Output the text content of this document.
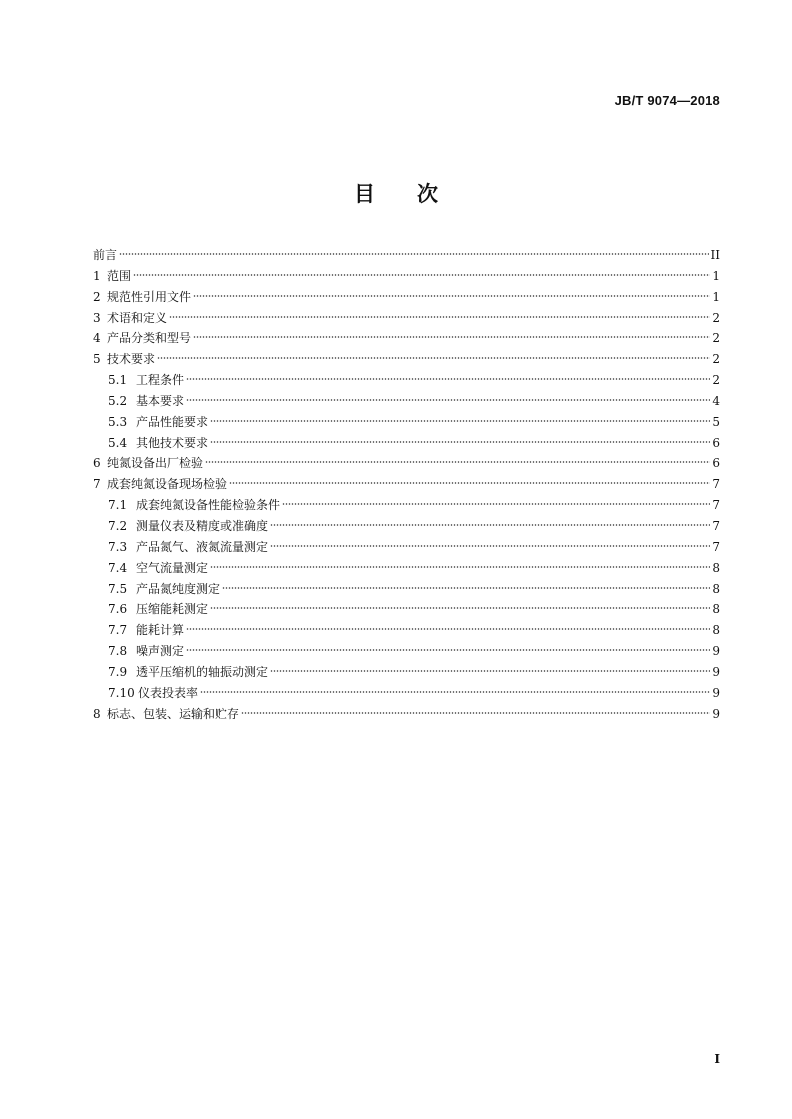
JB/T 9074—2018
目 次
前言	II
1 范围	1
2 规范性引用文件	1
3 术语和定义	2
4 产品分类和型号	2
5 技术要求	2
5.1 工程条件	2
5.2 基本要求	4
5.3 产品性能要求	5
5.4 其他技术要求	6
6 纯氮设备出厂检验	6
7 成套纯氮设备现场检验	7
7.1 成套纯氮设备性能检验条件	7
7.2 测量仪表及精度或准确度	7
7.3 产品氮气、液氮流量测定	7
7.4 空气流量测定	8
7.5 产品氮纯度测定	8
7.6 压缩能耗测定	8
7.7 能耗计算	8
7.8 噪声测定	9
7.9 透平压缩机的轴振动测定	9
7.10 仪表投表率	9
8 标志、包装、运输和贮存	9
I
